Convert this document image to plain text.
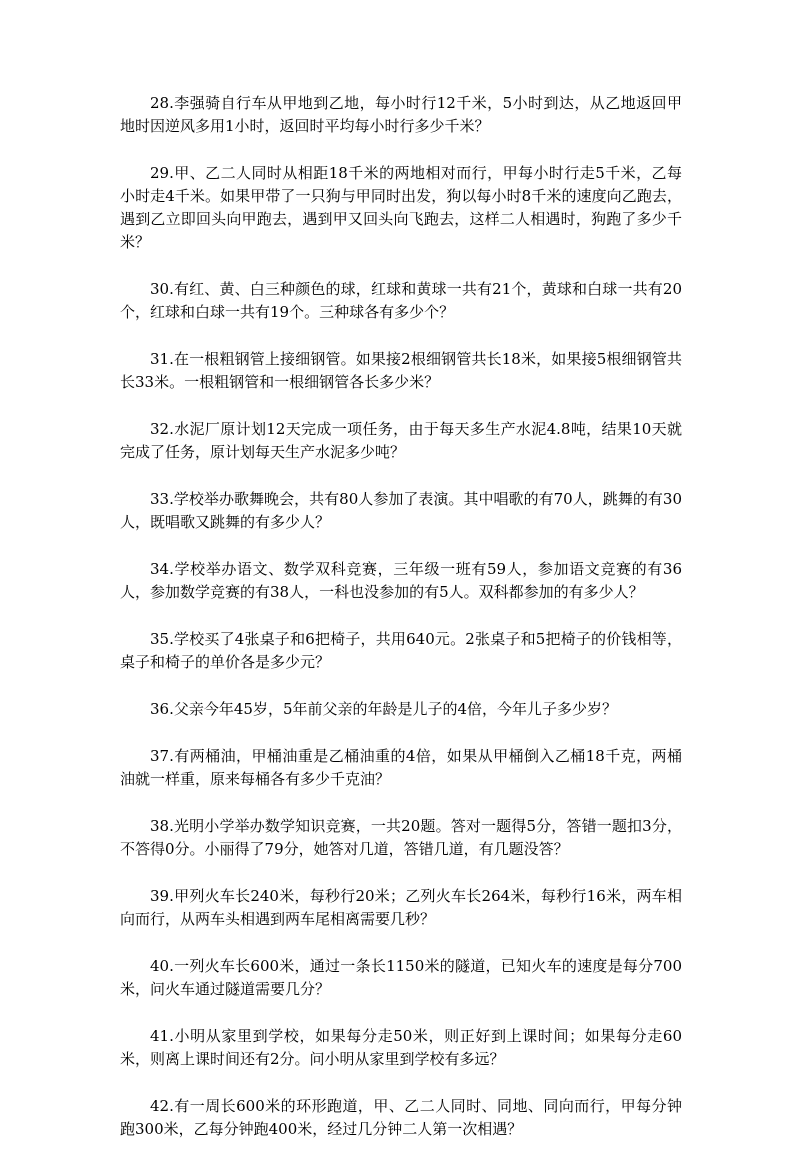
28.李强骑自行车从甲地到乙地，每小时行12千米，5小时到达，从乙地返回甲地时因逆风多用1小时，返回时平均每小时行多少千米？

29.甲、乙二人同时从相距18千米的两地相对而行，甲每小时行走5千米，乙每小时走4千米。如果甲带了一只狗与甲同时出发，狗以每小时8千米的速度向乙跑去，遇到乙立即回头向甲跑去，遇到甲又回头向飞跑去，这样二人相遇时，狗跑了多少千米？

30.有红、黄、白三种颜色的球，红球和黄球一共有21个，黄球和白球一共有20个，红球和白球一共有19个。三种球各有多少个？

31.在一根粗钢管上接细钢管。如果接2根细钢管共长18米，如果接5根细钢管共长33米。一根粗钢管和一根细钢管各长多少米？

32.水泥厂原计划12天完成一项任务，由于每天多生产水泥4.8吨，结果10天就完成了任务，原计划每天生产水泥多少吨？

33.学校举办歌舞晚会，共有80人参加了表演。其中唱歌的有70人，跳舞的有30人，既唱歌又跳舞的有多少人？

34.学校举办语文、数学双科竞赛，三年级一班有59人，参加语文竞赛的有36人，参加数学竞赛的有38人，一科也没参加的有5人。双科都参加的有多少人？

35.学校买了4张桌子和6把椅子，共用640元。2张桌子和5把椅子的价钱相等，桌子和椅子的单价各是多少元？

36.父亲今年45岁，5年前父亲的年龄是儿子的4倍，今年儿子多少岁？

37.有两桶油，甲桶油重是乙桶油重的4倍，如果从甲桶倒入乙桶18千克，两桶油就一样重，原来每桶各有多少千克油？

38.光明小学举办数学知识竞赛，一共20题。答对一题得5分，答错一题扣3分，不答得0分。小丽得了79分，她答对几道，答错几道，有几题没答？

39.甲列火车长240米，每秒行20米；乙列火车长264米，每秒行16米，两车相向而行，从两车头相遇到两车尾相离需要几秒？

40.一列火车长600米，通过一条长1150米的隧道，已知火车的速度是每分700米，问火车通过隧道需要几分？

41.小明从家里到学校，如果每分走50米，则正好到上课时间；如果每分走60米，则离上课时间还有2分。问小明从家里到学校有多远？

42.有一周长600米的环形跑道，甲、乙二人同时、同地、同向而行，甲每分钟跑300米，乙每分钟跑400米，经过几分钟二人第一次相遇？
